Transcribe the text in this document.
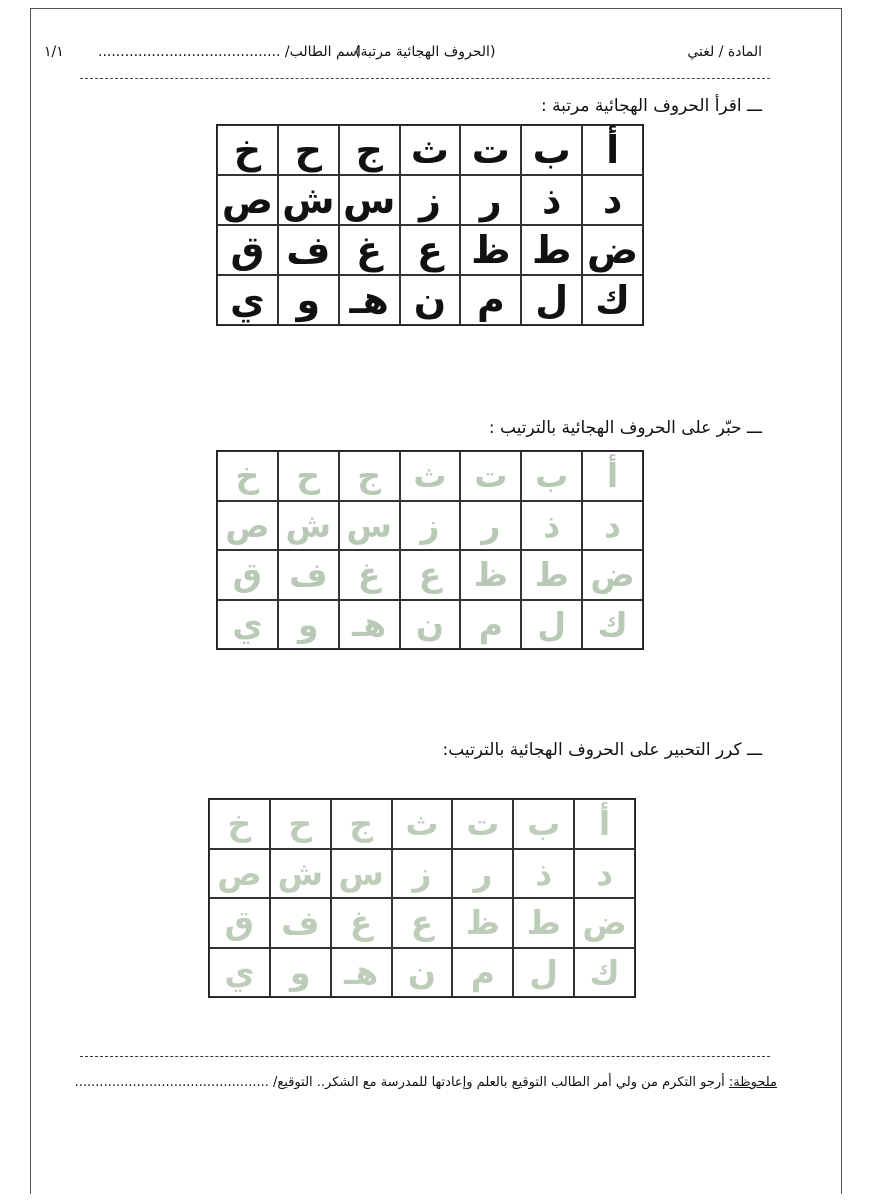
المادة / لغتي
(الحروف الهجائية مرتبة)
اسم الطالب/ .........................................
١/١
ـــ اقرأ الحروف الهجائية مرتبة :
أ
ب
ت
ث
ج
ح
خ
د
ذ
ر
ز
س
ش
ص
ض
ط
ظ
ع
غ
ف
ق
ك
ل
م
ن
هـ
و
ي
ـــ حبّر على الحروف الهجائية بالترتيب :
أ
ب
ت
ث
ج
ح
خ
د
ذ
ر
ز
س
ش
ص
ض
ط
ظ
ع
غ
ف
ق
ك
ل
م
ن
هـ
و
ي
ـــ كرر التحبير على الحروف الهجائية بالترتيب:
أ
ب
ت
ث
ج
ح
خ
د
ذ
ر
ز
س
ش
ص
ض
ط
ظ
ع
غ
ف
ق
ك
ل
م
ن
هـ
و
ي
ملحوظة: أرجو التكرم من ولي أمر الطالب التوقيع بالعلم وإعادتها للمدرسة مع الشكر.. التوقيع/ ...............................................
